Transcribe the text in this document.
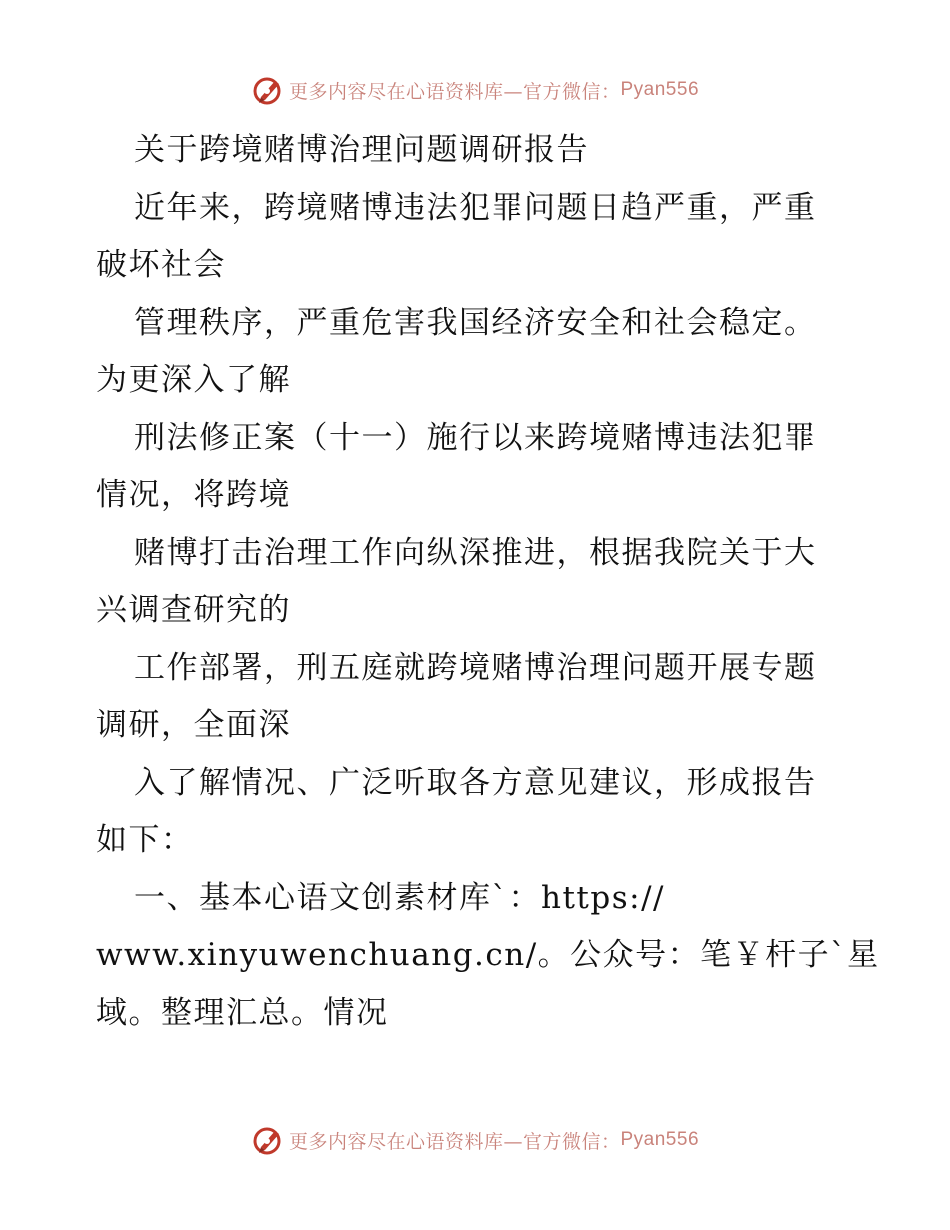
更多内容尽在心语资料库—官方微信： Pyan556
关于跨境赌博治理问题调研报告
近年来，跨境赌博违法犯罪问题日趋严重，严重
破坏社会
管理秩序，严重危害我国经济安全和社会稳定。
为更深入了解
刑法修正案（十一）施行以来跨境赌博违法犯罪
情况，将跨境
赌博打击治理工作向纵深推进，根据我院关于大
兴调查研究的
工作部署，刑五庭就跨境赌博治理问题开展专题
调研，全面深
入了解情况、广泛听取各方意见建议，形成报告
如下：
一、基本心语文创素材库`：https://
www.xinyuwenchuang.cn/。公众号：笔￥杆子`星
域。整理汇总。情况
更多内容尽在心语资料库—官方微信： Pyan556
